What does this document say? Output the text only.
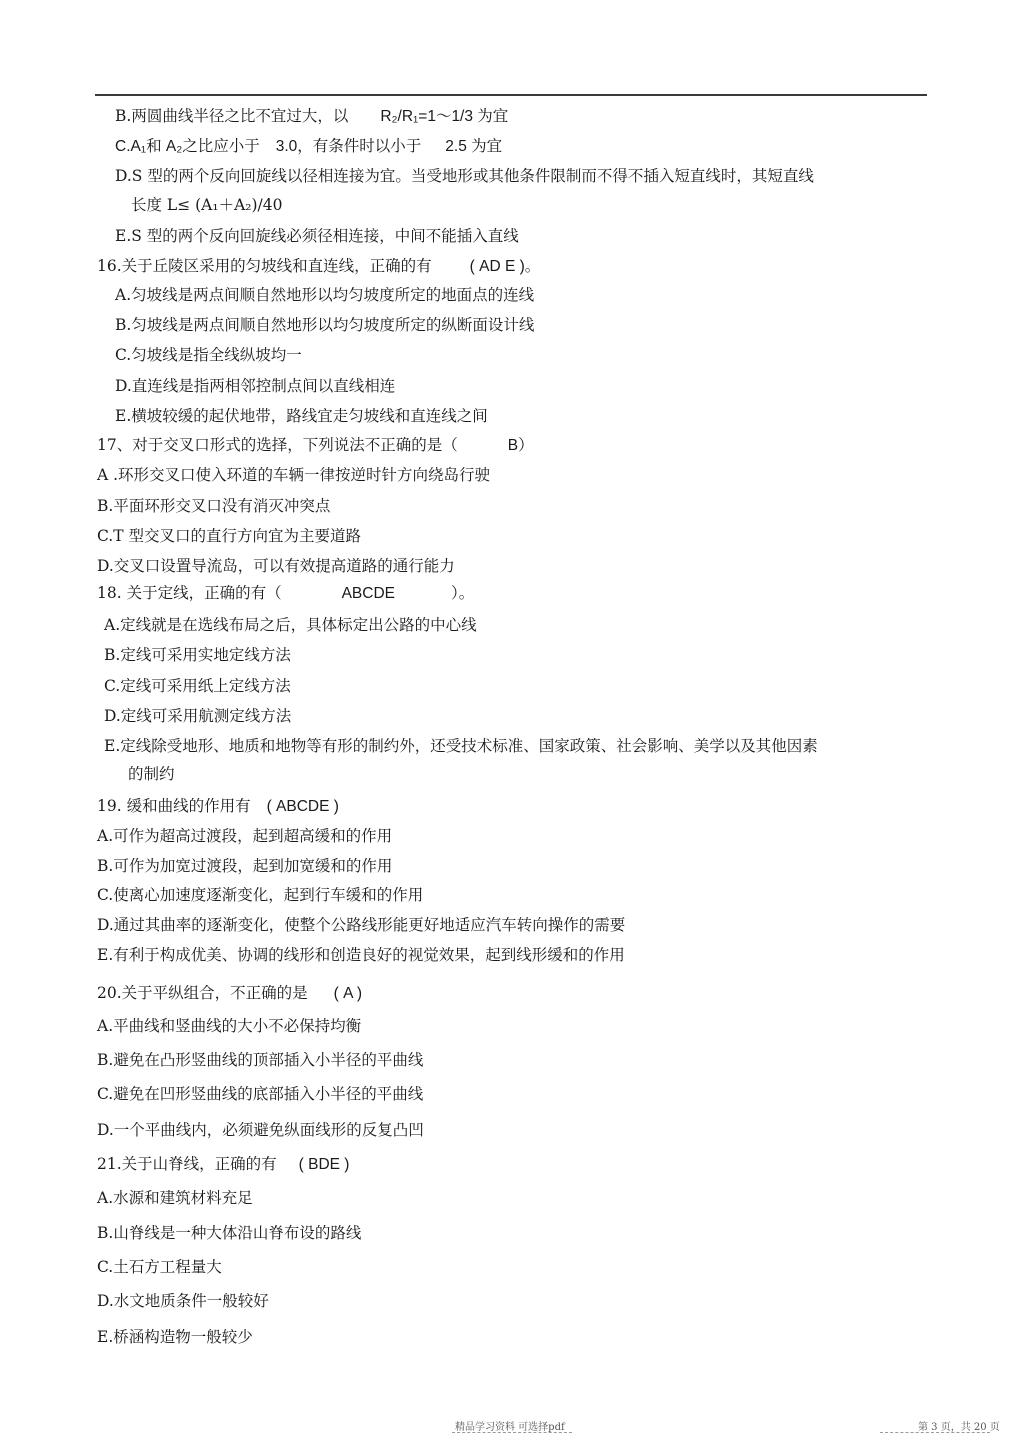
B.两圆曲线半径之比不宜过大，以 R₂/R₁=1～1/3 为宜
C.A₁和 A₂之比应小于 3.0，有条件时以小于 2.5 为宜
D.S 型的两个反向回旋线以径相连接为宜。当受地形或其他条件限制而不得不插入短直线时，其短直线
长度 L≤ (A₁＋A₂)/40
E.S 型的两个反向回旋线必须径相连接，中间不能插入直线
16.关于丘陵区采用的匀坡线和直连线，正确的有 ( AD E )。
A.匀坡线是两点间顺自然地形以均匀坡度所定的地面点的连线
B.匀坡线是两点间顺自然地形以均匀坡度所定的纵断面设计线
C.匀坡线是指全线纵坡均一
D.直连线是指两相邻控制点间以直线相连
E.横坡较缓的起伏地带，路线宜走匀坡线和直连线之间
17、对于交叉口形式的选择，下列说法不正确的是（	B）
A .环形交叉口使入环道的车辆一律按逆时针方向绕岛行驶
B.平面环形交叉口没有消灭冲突点
C.T 型交叉口的直行方向宜为主要道路
D.交叉口设置导流岛，可以有效提高道路的通行能力
18. 关于定线，正确的有（	ABCDE	）。
A.定线就是在选线布局之后，具体标定出公路的中心线
B.定线可采用实地定线方法
C.定线可采用纸上定线方法
D.定线可采用航测定线方法
E.定线除受地形、地质和地物等有形的制约外，还受技术标准、国家政策、社会影响、美学以及其他因素
的制约
19. 缓和曲线的作用有 ( ABCDE )
A.可作为超高过渡段，起到超高缓和的作用
B.可作为加宽过渡段，起到加宽缓和的作用
C.使离心加速度逐渐变化，起到行车缓和的作用
D.通过其曲率的逐渐变化，使整个公路线形能更好地适应汽车转向操作的需要
E.有利于构成优美、协调的线形和创造良好的视觉效果，起到线形缓和的作用
20.关于平纵组合，不正确的是 ( A )
A.平曲线和竖曲线的大小不必保持均衡
B.避免在凸形竖曲线的顶部插入小半径的平曲线
C.避免在凹形竖曲线的底部插入小半径的平曲线
D.一个平曲线内，必须避免纵面线形的反复凸凹
21.关于山脊线，正确的有 ( BDE )
A.水源和建筑材料充足
B.山脊线是一种大体沿山脊布设的路线
C.土石方工程量大
D.水文地质条件一般较好
E.桥涵构造物一般较少
精品学习资料 可选择pdf	第 3 页，共 20 页
